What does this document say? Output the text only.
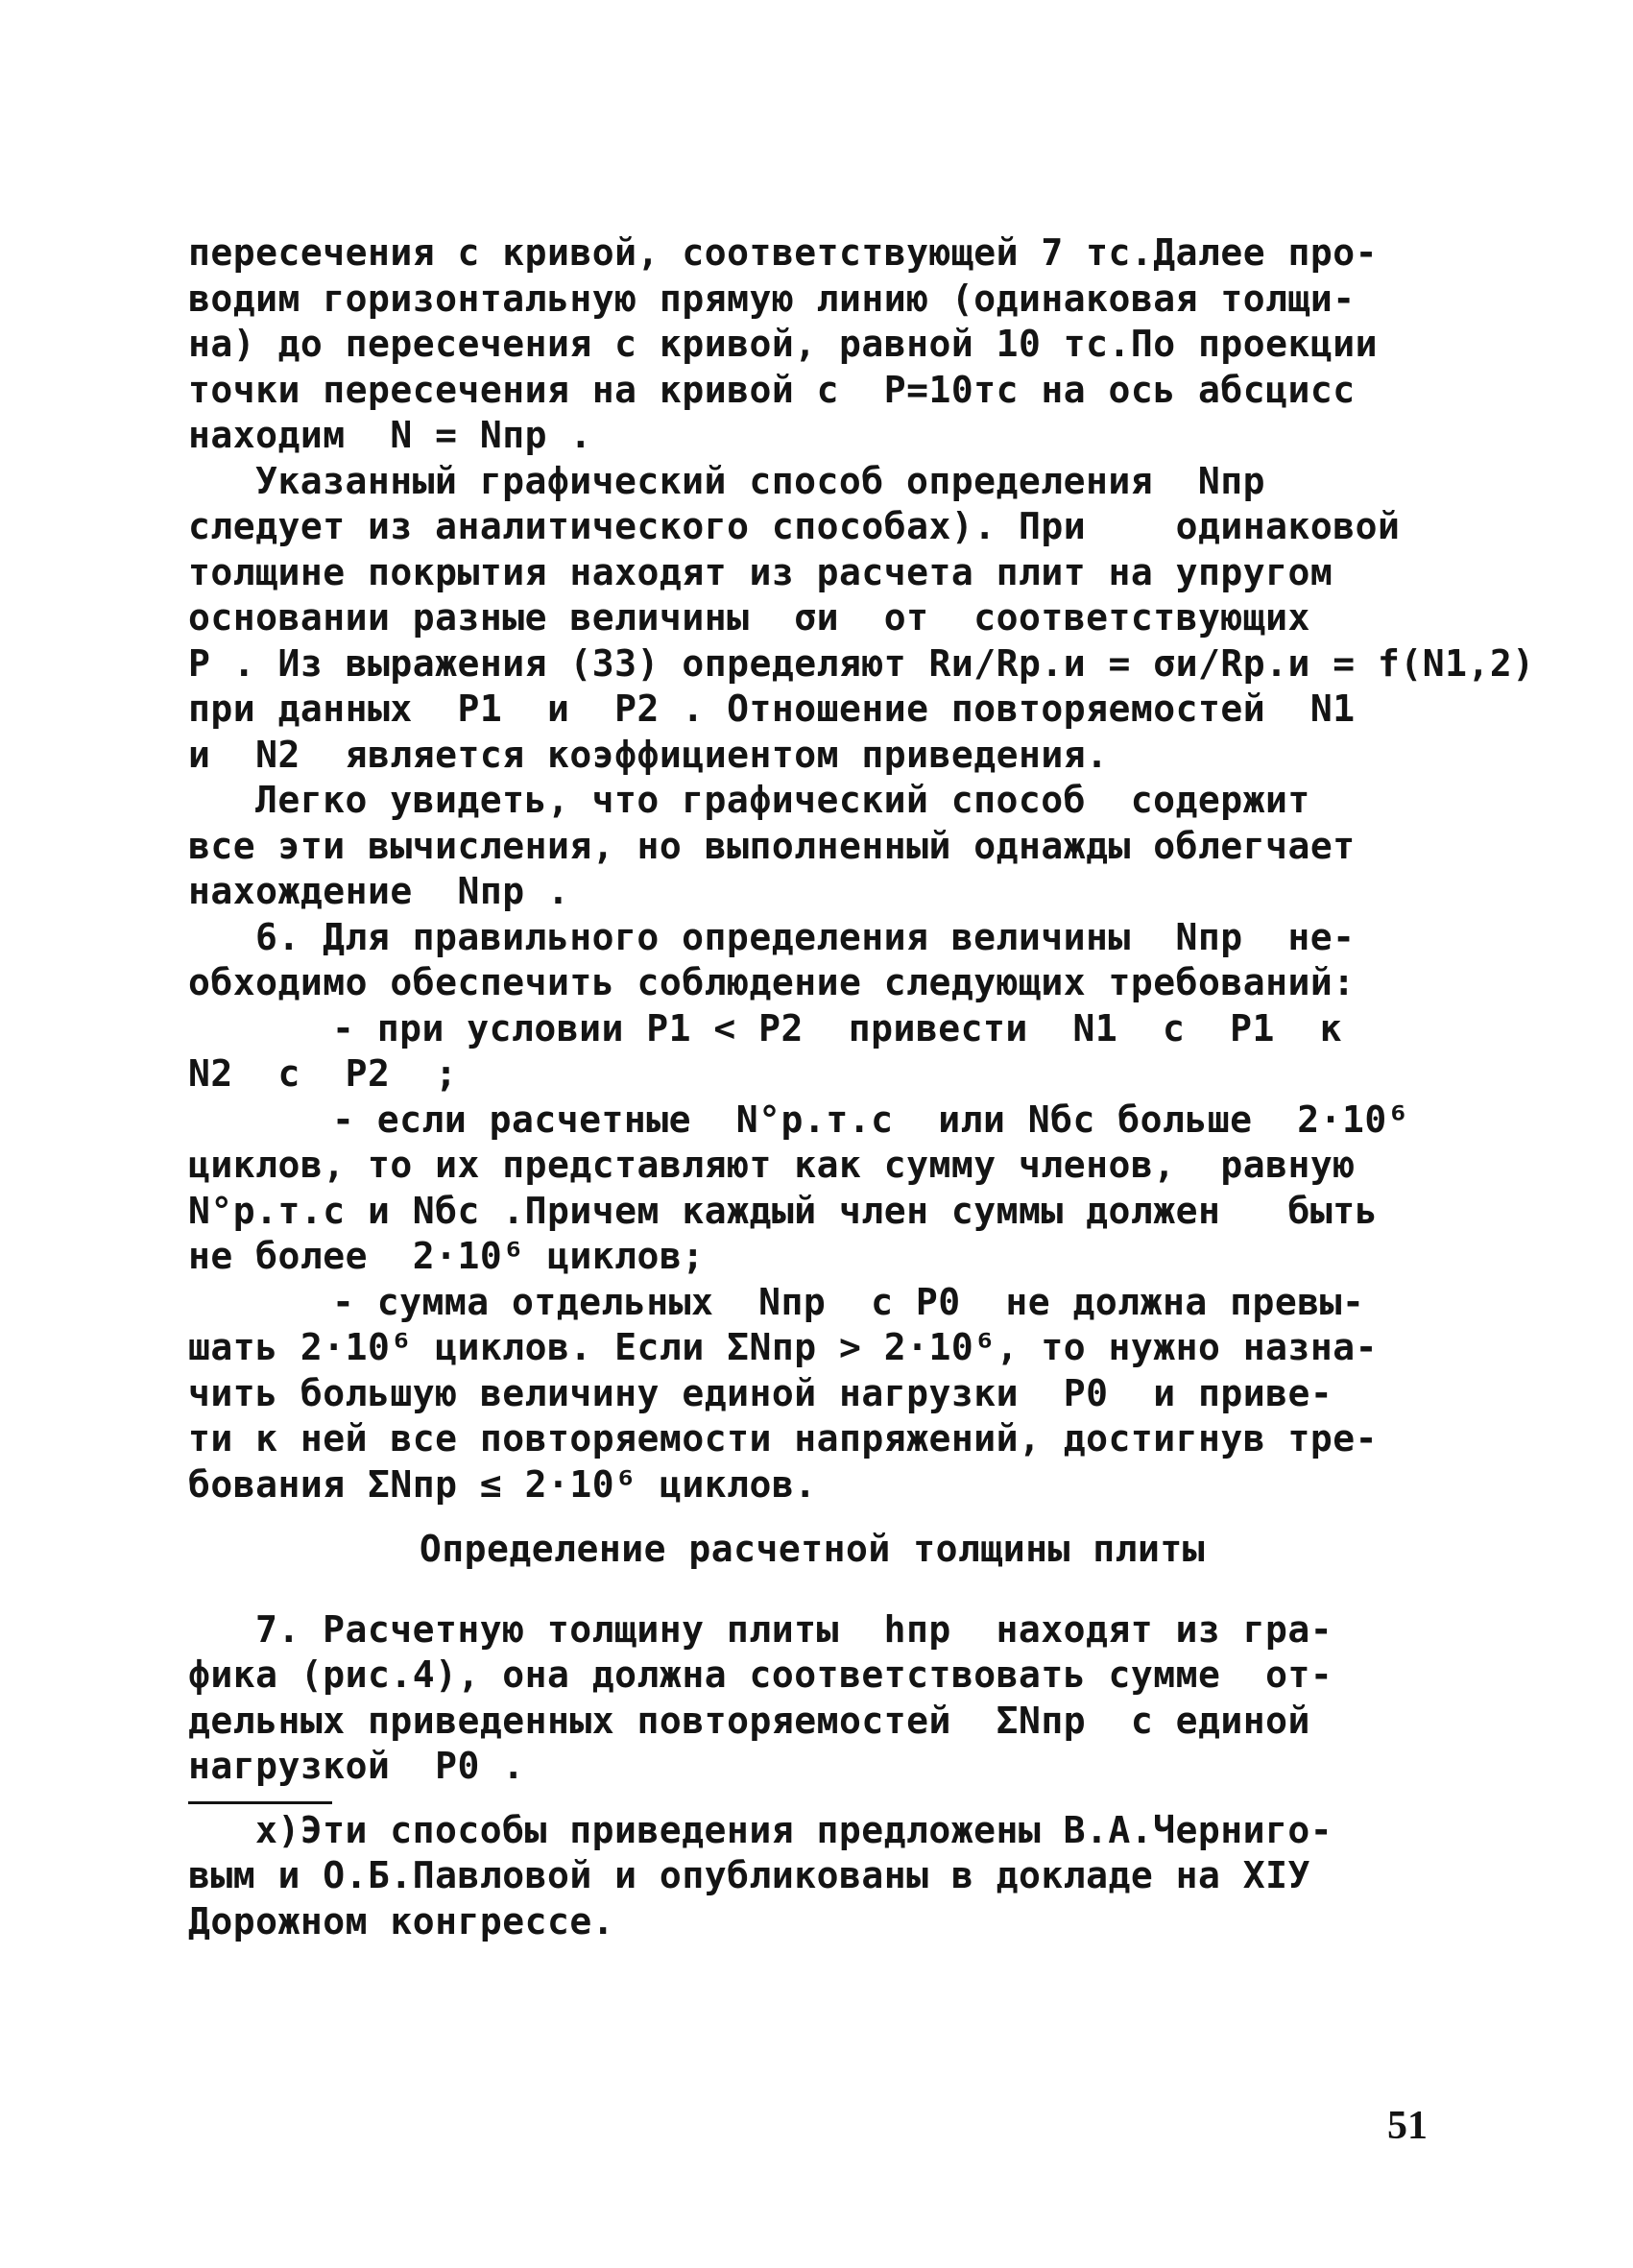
пересечения с кривой, соответствующей 7 тс.Далее про-
водим горизонтальную прямую линию (одинаковая толщи-
на) до пересечения с кривой, равной 10 тс.По проекции
точки пересечения на кривой с  P=10тс на ось абсцисс
находим  N = Nпр .
Указанный графический способ определения  Nпр
следует из аналитического способаx). При    одинаковой
толщине покрытия находят из расчета плит на упругом
основании разные величины  σи  от  соответствующих
P . Из выражения (33) определяют Rи/Rр.и = σи/Rр.и = f(N1,2)
при данных  P1  и  P2 . Отношение повторяемостей  N1
и  N2  является коэффициентом приведения.
Легко увидеть, что графический способ  содержит
все эти вычисления, но выполненный однажды облегчает
нахождение  Nпр .
6. Для правильного определения величины  Nпр  не-
обходимо обеспечить соблюдение следующих требований:
- при условии P1 < P2  привести  N1  с  P1  к
N2  с  P2  ;
- если расчетные  N°р.т.с  или Nбс больше  2·10⁶
циклов, то их представляют как сумму членов,  равную
N°р.т.с и Nбс .Причем каждый член суммы должен   быть
не более  2·10⁶ циклов;
- сумма отдельных  Nпр  с P0  не должна превы-
шать 2·10⁶ циклов. Если ΣNпр > 2·10⁶, то нужно назна-
чить большую величину единой нагрузки  P0  и приве-
ти к ней все повторяемости напряжений, достигнув тре-
бования ΣNпр ≤ 2·10⁶ циклов.
Определение расчетной толщины плиты
7. Расчетную толщину плиты  hпр  находят из гра-
фика (рис.4), она должна соответствовать сумме  от-
дельных приведенных повторяемостей  ΣNпр  с единой
нагрузкой  P0 .
x)Эти способы приведения предложены В.А.Черниго-
вым и О.Б.Павловой и опубликованы в докладе на XIУ
Дорожном конгрессе.
51
